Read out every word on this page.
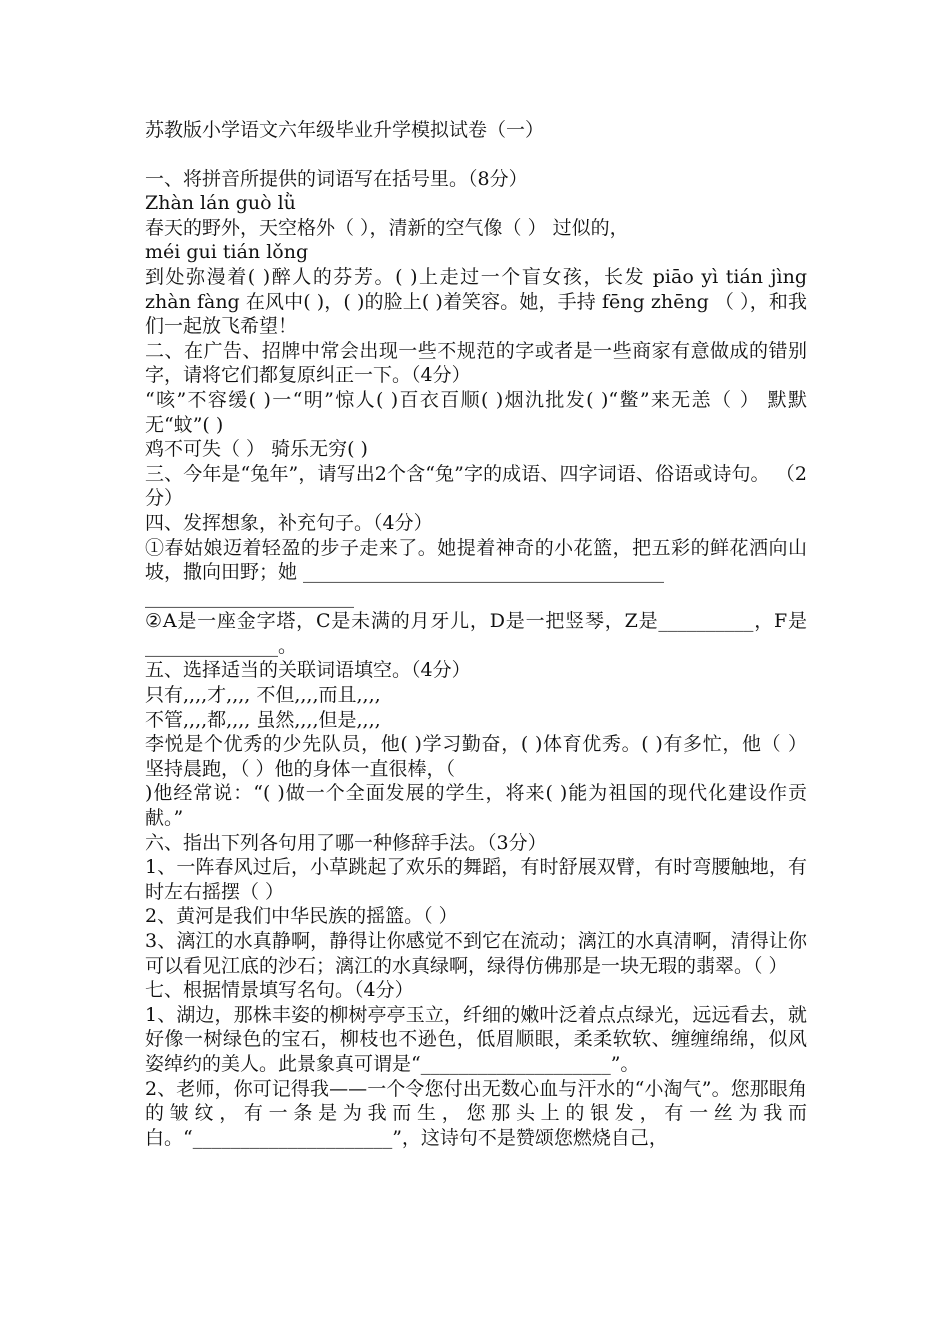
苏教版小学语文六年级毕业升学模拟试卷（一）
一、将拼音所提供的词语写在括号里。（8分）
Zhàn lán guò lǜ
春天的野外，天空格外（ ），清新的空气像（ ） 过似的，
méi gui tián lǒng
到处弥漫着( )醉人的芬芳。( )上走过一个盲女孩，长发 piāo yì tián jìng zhàn fàng 在风中( )，( )的脸上( )着笑容。她，手持 fēng zhēng （ ），和我们一起放飞希望！
二、在广告、招牌中常会出现一些不规范的字或者是一些商家有意做成的错别字，请将它们都复原纠正一下。（4分）
“咳”不容缓( )一“明”惊人( )百衣百顺( )烟氿批发( )“鳖”来无恙（ ） 默默无“蚊”( )
鸡不可失（ ） 骑乐无穷( )
三、今年是“兔年”，请写出2个含“兔”字的成语、四字词语、俗语或诗句。 （2分）
四、发挥想象，补充句子。（4分）
①春姑娘迈着轻盈的步子走来了。她提着神奇的小花篮，把五彩的鲜花洒向山坡，撒向田野；她 ______________________________________
______________________
②A是一座金字塔，C是未满的月牙儿，D是一把竖琴，Z是__________，F是______________。
五、选择适当的关联词语填空。（4分）
只有,,,,才,,,, 不但,,,,而且,,,,
不管,,,,都,,,, 虽然,,,,但是,,,,
李悦是个优秀的少先队员，他( )学习勤奋，( )体育优秀。( )有多忙，他（ ） 坚持晨跑，（ ）他的身体一直很棒，（
)他经常说：“( )做一个全面发展的学生，将来( )能为祖国的现代化建设作贡献。”
六、指出下列各句用了哪一种修辞手法。（3分）
1、一阵春风过后，小草跳起了欢乐的舞蹈，有时舒展双臂，有时弯腰触地，有时左右摇摆（ ）
2、黄河是我们中华民族的摇篮。（ ）
3、漓江的水真静啊，静得让你感觉不到它在流动；漓江的水真清啊，清得让你可以看见江底的沙石；漓江的水真绿啊，绿得仿佛那是一块无瑕的翡翠。（ ）
七、根据情景填写名句。（4分）
1、湖边，那株丰姿的柳树亭亭玉立，纤细的嫩叶泛着点点绿光，远远看去，就好像一树绿色的宝石，柳枝也不逊色，低眉顺眼，柔柔软软、缠缠绵绵，似风姿绰约的美人。此景象真可谓是“____________________”。
2、老师，你可记得我——一个令您付出无数心血与汗水的“小淘气”。您那眼角的皱纹，有一条是为我而生，您那头上的银发，有一丝为我而白。“_____________________”，这诗句不是赞颂您燃烧自己，
